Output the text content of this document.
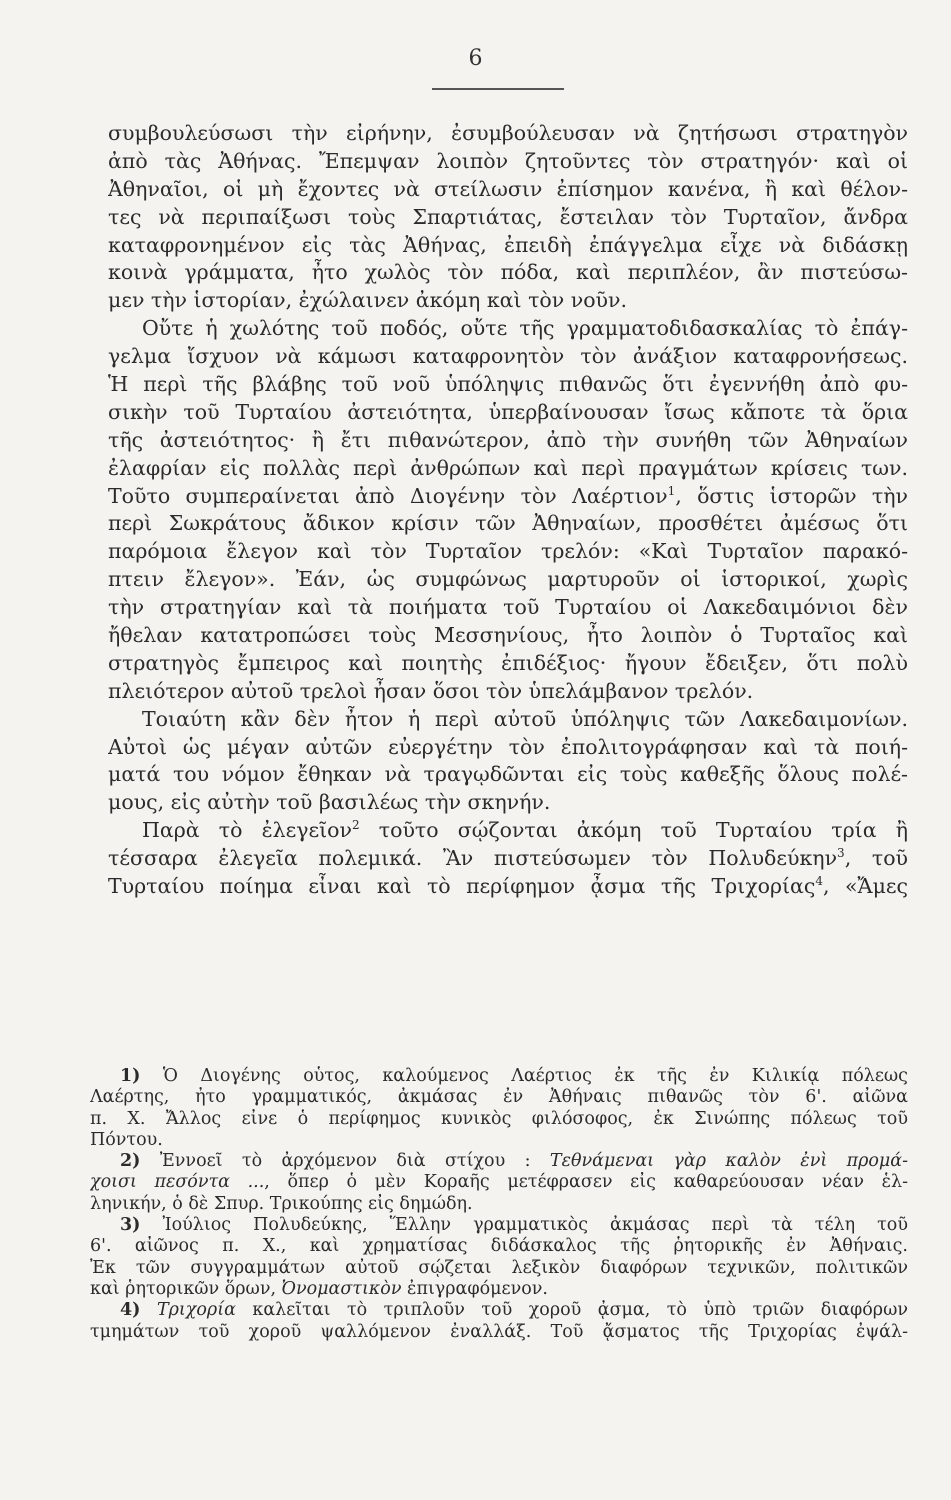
6
συμβουλεύσωσι τὴν εἰρήνην, ἐσυμβούλευσαν νὰ ζητήσωσι στρατηγὸν
ἀπὸ τὰς Ἀθήνας. Ἔπεμψαν λοιπὸν ζητοῦντες τὸν στρατηγόν· καὶ οἱ
Ἀθηναῖοι, οἱ μὴ ἔχοντες νὰ στείλωσιν ἐπίσημον κανένα, ἢ καὶ θέλον-
τες νὰ περιπαίξωσι τοὺς Σπαρτιάτας, ἔστειλαν τὸν Τυρταῖον, ἄνδρα
καταφρονημένον εἰς τὰς Ἀθήνας, ἐπειδὴ ἐπάγγελμα εἶχε νὰ διδάσκῃ
κοινὰ γράμματα, ἦτο χωλὸς τὸν πόδα, καὶ περιπλέον, ἂν πιστεύσω-
μεν τὴν ἱστορίαν, ἐχώλαινεν ἀκόμη καὶ τὸν νοῦν.
Οὔτε ἡ χωλότης τοῦ ποδός, οὔτε τῆς γραμματοδιδασκαλίας τὸ ἐπάγ-
γελμα ἴσχυον νὰ κάμωσι καταφρονητὸν τὸν ἀνάξιον καταφρονήσεως.
Ἡ περὶ τῆς βλάβης τοῦ νοῦ ὑπόληψις πιθανῶς ὅτι ἐγεννήθη ἀπὸ φυ-
σικὴν τοῦ Τυρταίου ἀστειότητα, ὑπερβαίνουσαν ἴσως κἄποτε τὰ ὅρια
τῆς ἀστειότητος· ἢ ἔτι πιθανώτερον, ἀπὸ τὴν συνήθη τῶν Ἀθηναίων
ἐλαφρίαν εἰς πολλὰς περὶ ἀνθρώπων καὶ περὶ πραγμάτων κρίσεις των.
Τοῦτο συμπεραίνεται ἀπὸ Διογένην τὸν Λαέρτιον$^1$, ὅστις ἱστορῶν τὴν
περὶ Σωκράτους ἄδικον κρίσιν τῶν Ἀθηναίων, προσθέτει ἀμέσως ὅτι
παρόμοια ἔλεγον καὶ τὸν Τυρταῖον τρελόν: «Καὶ Τυρταῖον παρακό-
πτειν ἔλεγον». Ἐάν, ὡς συμφώνως μαρτυροῦν οἱ ἱστορικοί, χωρὶς
τὴν στρατηγίαν καὶ τὰ ποιήματα τοῦ Τυρταίου οἱ Λακεδαιμόνιοι δὲν
ἤθελαν κατατροπώσει τοὺς Μεσσηνίους, ἦτο λοιπὸν ὁ Τυρταῖος καὶ
στρατηγὸς ἔμπειρος καὶ ποιητὴς ἐπιδέξιος· ἤγουν ἔδειξεν, ὅτι πολὺ
πλειότερον αὐτοῦ τρελοὶ ἦσαν ὅσοι τὸν ὑπελάμβανον τρελόν.
Τοιαύτη κἂν δὲν ἦτον ἡ περὶ αὐτοῦ ὑπόληψις τῶν Λακεδαιμονίων.
Αὐτοὶ ὡς μέγαν αὐτῶν εὐεργέτην τὸν ἐπολιτογράφησαν καὶ τὰ ποιή-
ματά του νόμον ἔθηκαν νὰ τραγῳδῶνται εἰς τοὺς καθεξῆς ὅλους πολέ-
μους, εἰς αὐτὴν τοῦ βασιλέως τὴν σκηνήν.
Παρὰ τὸ ἐλεγεῖον$^2$ τοῦτο σῴζονται ἀκόμη τοῦ Τυρταίου τρία ἢ
τέσσαρα ἐλεγεῖα πολεμικά. Ἂν πιστεύσωμεν τὸν Πολυδεύκην$^3$, τοῦ
Τυρταίου ποίημα εἶναι καὶ τὸ περίφημον ᾆσμα τῆς Τριχορίας$^4$, «Ἄμες
1) Ὁ Διογένης οὗτος, καλούμενος Λαέρτιος ἐκ τῆς ἐν Κιλικίᾳ πόλεως
Λαέρτης, ἦτο γραμματικός, ἀκμάσας ἐν Ἀθήναις πιθανῶς τὸν 6'. αἰῶνα
π. Χ. Ἄλλος εἶνε ὁ περίφημος κυνικὸς φιλόσοφος, ἐκ Σινώπης πόλεως τοῦ
Πόντου.
2) Ἐννοεῖ τὸ ἀρχόμενον διὰ στίχου : Τεθνάμεναι γὰρ καλὸν ἐνὶ προμά-
χοισι πεσόντα ..., ὅπερ ὁ μὲν Κοραῆς μετέφρασεν εἰς καθαρεύουσαν νέαν ἑλ-
ληνικήν, ὁ δὲ Σπυρ. Τρικούπης εἰς δημώδη.
3) Ἰούλιος Πολυδεύκης, Ἕλλην γραμματικὸς ἀκμάσας περὶ τὰ τέλη τοῦ
6'. αἰῶνος π. Χ., καὶ χρηματίσας διδάσκαλος τῆς ῥητορικῆς ἐν Ἀθήναις.
Ἐκ τῶν συγγραμμάτων αὐτοῦ σῴζεται λεξικὸν διαφόρων τεχνικῶν, πολιτικῶν
καὶ ῥητορικῶν ὅρων, Ὀνομαστικὸν ἐπιγραφόμενον.
4) Τριχορία καλεῖται τὸ τριπλοῦν τοῦ χοροῦ ᾆσμα, τὸ ὑπὸ τριῶν διαφόρων
τμημάτων τοῦ χοροῦ ψαλλόμενον ἐναλλάξ. Τοῦ ᾄσματος τῆς Τριχορίας ἐψάλ-
